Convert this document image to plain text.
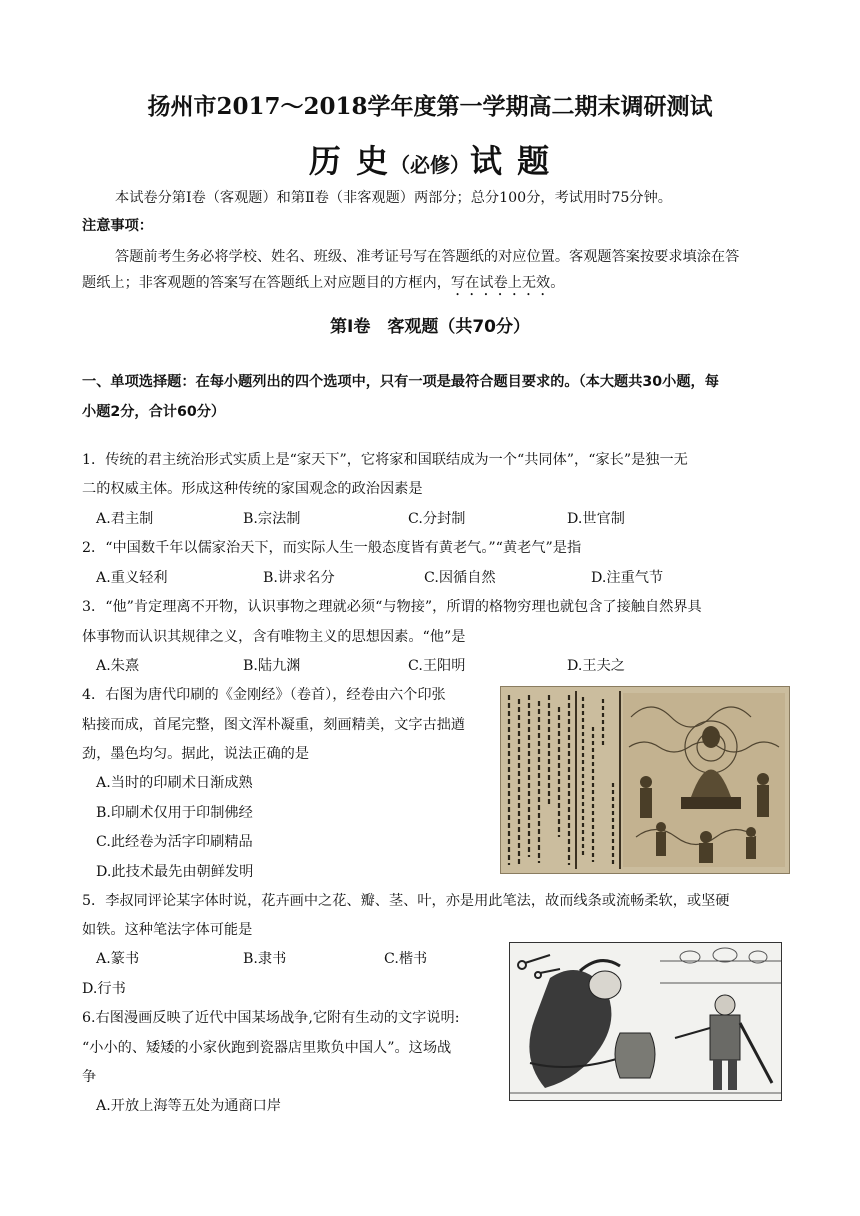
扬州市2017～2018学年度第一学期高二期末调研测试
历 史（必修）试 题
本试卷分第Ⅰ卷（客观题）和第Ⅱ卷（非客观题）两部分；总分100分，考试用时75分钟。
注意事项：
答题前考生务必将学校、姓名、班级、准考证号写在答题纸的对应位置。客观题答案按要求填涂在答
题纸上；非客观题的答案写在答题纸上对应题目的方框内，写在试卷上无效。
第Ⅰ卷　客观题（共70分）
一、单项选择题：在每小题列出的四个选项中，只有一项是最符合题目要求的。（本大题共30小题，每
小题2分，合计60分）
1．传统的君主统治形式实质上是“家天下”，它将家和国联结成为一个“共同体”，“家长”是独一无
二的权威主体。形成这种传统的家国观念的政治因素是
A.君主制	B.宗法制	C.分封制	D.世官制
2．“中国数千年以儒家治天下，而实际人生一般态度皆有黄老气。”“黄老气”是指
A.重义轻利	B.讲求名分	C.因循自然	D.注重气节
3．“他”肯定理离不开物，认识事物之理就必须“与物接”，所谓的格物穷理也就包含了接触自然界具
体事物而认识其规律之义，含有唯物主义的思想因素。“他”是
A.朱熹	B.陆九渊	C.王阳明	D.王夫之
4．右图为唐代印刷的《金刚经》（卷首），经卷由六个印张
粘接而成，首尾完整，图文浑朴凝重，刻画精美，文字古拙遒
劲，墨色均匀。据此，说法正确的是
A.当时的印刷术日渐成熟
B.印刷术仅用于印制佛经
C.此经卷为活字印刷精品
D.此技术最先由朝鲜发明
5．李叔同评论某字体时说，花卉画中之花、瓣、茎、叶，亦是用此笔法，故而线条或流畅柔软，或坚硬
如铁。这种笔法字体可能是
A.篆书	B.隶书	C.楷书
D.行书
6.右图漫画反映了近代中国某场战争,它附有生动的文字说明:
“小小的、矮矮的小家伙跑到瓷器店里欺负中国人”。这场战
争
A.开放上海等五处为通商口岸
